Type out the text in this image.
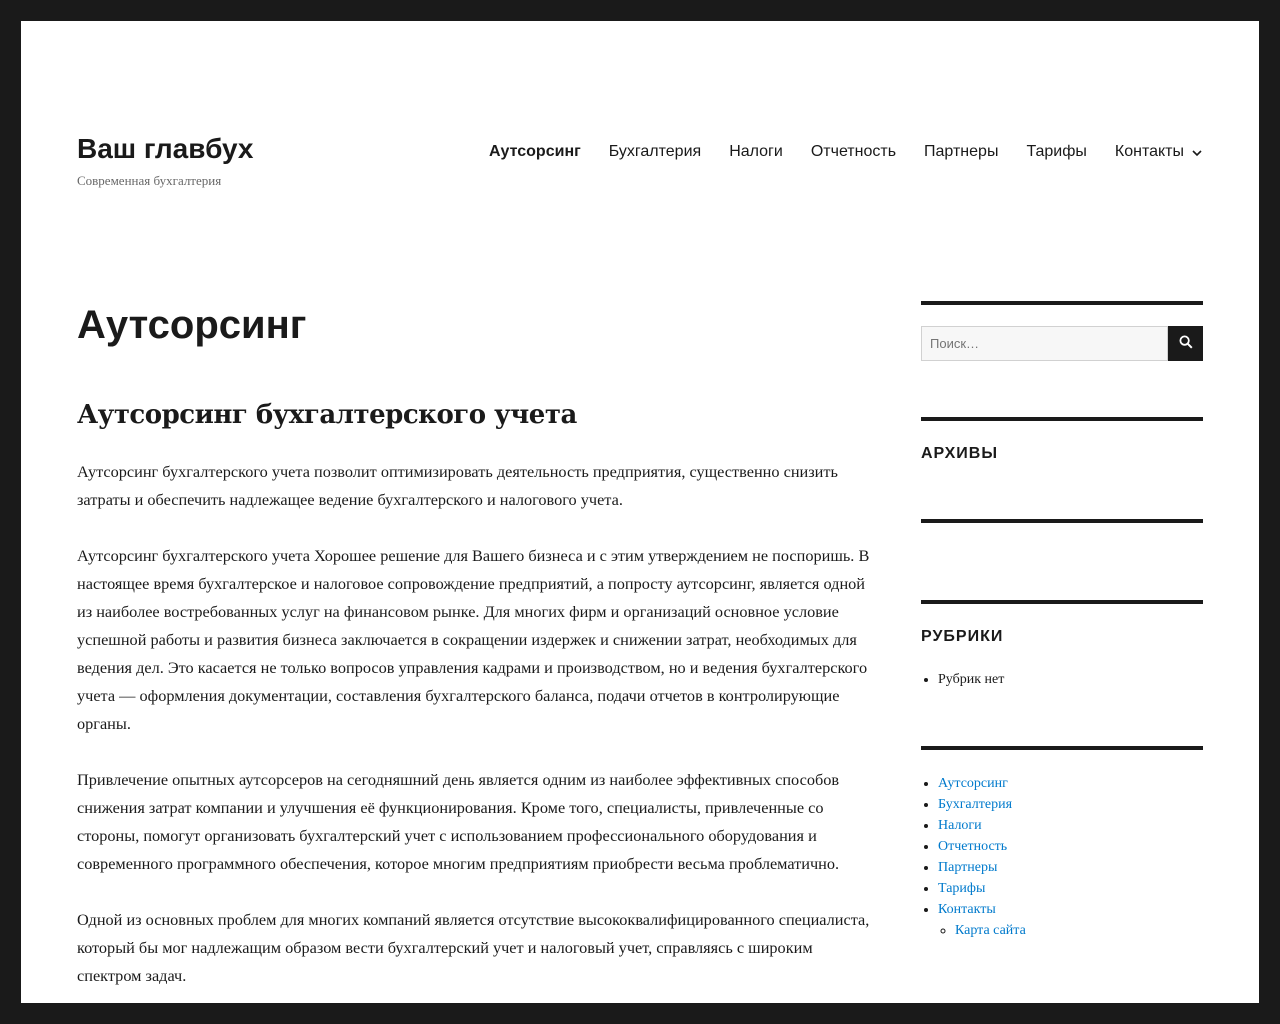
Ваш главбух
Современная бухгалтерия
Аутсорсинг Бухгалтерия Налоги Отчетность Партнеры Тарифы Контакты
Аутсорсинг
Аутсорсинг бухгалтерского учета

Аутсорсинг бухгалтерского учета позволит оптимизировать деятельность предприятия, существенно снизить затраты и обеспечить надлежащее ведение бухгалтерского и налогового учета.

Аутсорсинг бухгалтерского учета Хорошее решение для Вашего бизнеса и с этим утверждением не поспоришь. В настоящее время бухгалтерское и налоговое сопровождение предприятий, а попросту аутсорсинг, является одной из наиболее востребованных услуг на финансовом рынке. Для многих фирм и организаций основное условие успешной работы и развития бизнеса заключается в сокращении издержек и снижении затрат, необходимых для ведения дел. Это касается не только вопросов управления кадрами и производством, но и ведения бухгалтерского учета — оформления документации, составления бухгалтерского баланса, подачи отчетов в контролирующие органы.

Привлечение опытных аутсорсеров на сегодняшний день является одним из наиболее эффективных способов снижения затрат компании и улучшения её функционирования. Кроме того, специалисты, привлеченные со стороны, помогут организовать бухгалтерский учет с использованием профессионального оборудования и современного программного обеспечения, которое многим предприятиям приобрести весьма проблематично.

Одной из основных проблем для многих компаний является отсутствие высококвалифицированного специалиста, который бы мог надлежащим образом вести бухгалтерский учет и налоговый учет, справляясь с широким спектром задач.

Поиск…
АРХИВЫ
РУБРИКИ
• Рубрик нет
• Аутсорсинг
• Бухгалтерия
• Налоги
• Отчетность
• Партнеры
• Тарифы
• Контакты
◦ Карта сайта
